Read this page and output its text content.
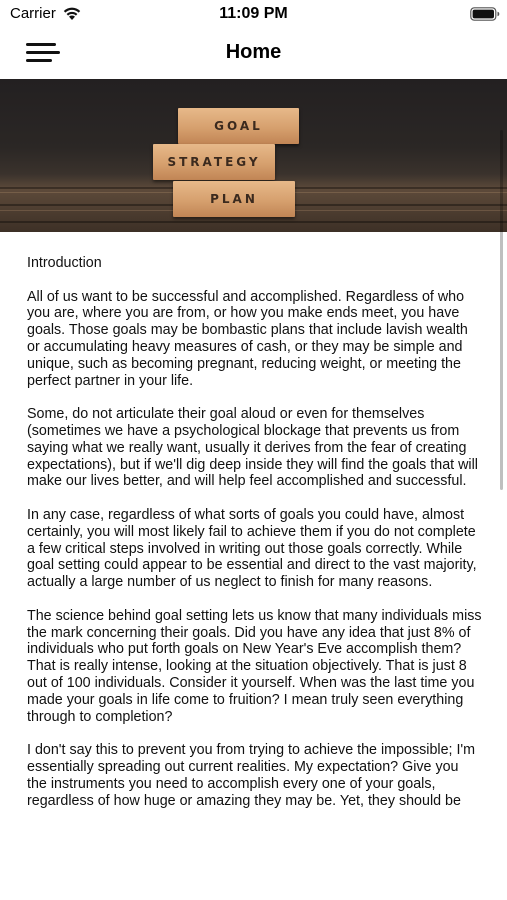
Carrier	11:09 PM
Home
GOAL
STRATEGY
PLAN

Introduction

All of us want to be successful and accomplished. Regardless of who you are, where you are from, or how you make ends meet, you have goals. Those goals may be bombastic plans that include lavish wealth or accumulating heavy measures of cash, or they may be simple and unique, such as becoming pregnant, reducing weight, or meeting the perfect partner in your life.

Some, do not articulate their goal aloud or even for themselves (sometimes we have a psychological blockage that prevents us from saying what we really want, usually it derives from the fear of creating expectations), but if we'll dig deep inside they will find the goals that will make our lives better, and will help feel accomplished and successful.

In any case, regardless of what sorts of goals you could have, almost certainly, you will most likely fail to achieve them if you do not complete a few critical steps involved in writing out those goals correctly. While goal setting could appear to be essential and direct to the vast majority, actually a large number of us neglect to finish for many reasons.

The science behind goal setting lets us know that many individuals miss the mark concerning their goals. Did you have any idea that just 8% of individuals who put forth goals on New Year's Eve accomplish them? That is really intense, looking at the situation objectively. That is just 8 out of 100 individuals. Consider it yourself. When was the last time you made your goals in life come to fruition? I mean truly seen everything through to completion?

I don't say this to prevent you from trying to achieve the impossible; I'm essentially spreading out current realities. My expectation? Give you the instruments you need to accomplish every one of your goals, regardless of how huge or amazing they may be. Yet, they should be
